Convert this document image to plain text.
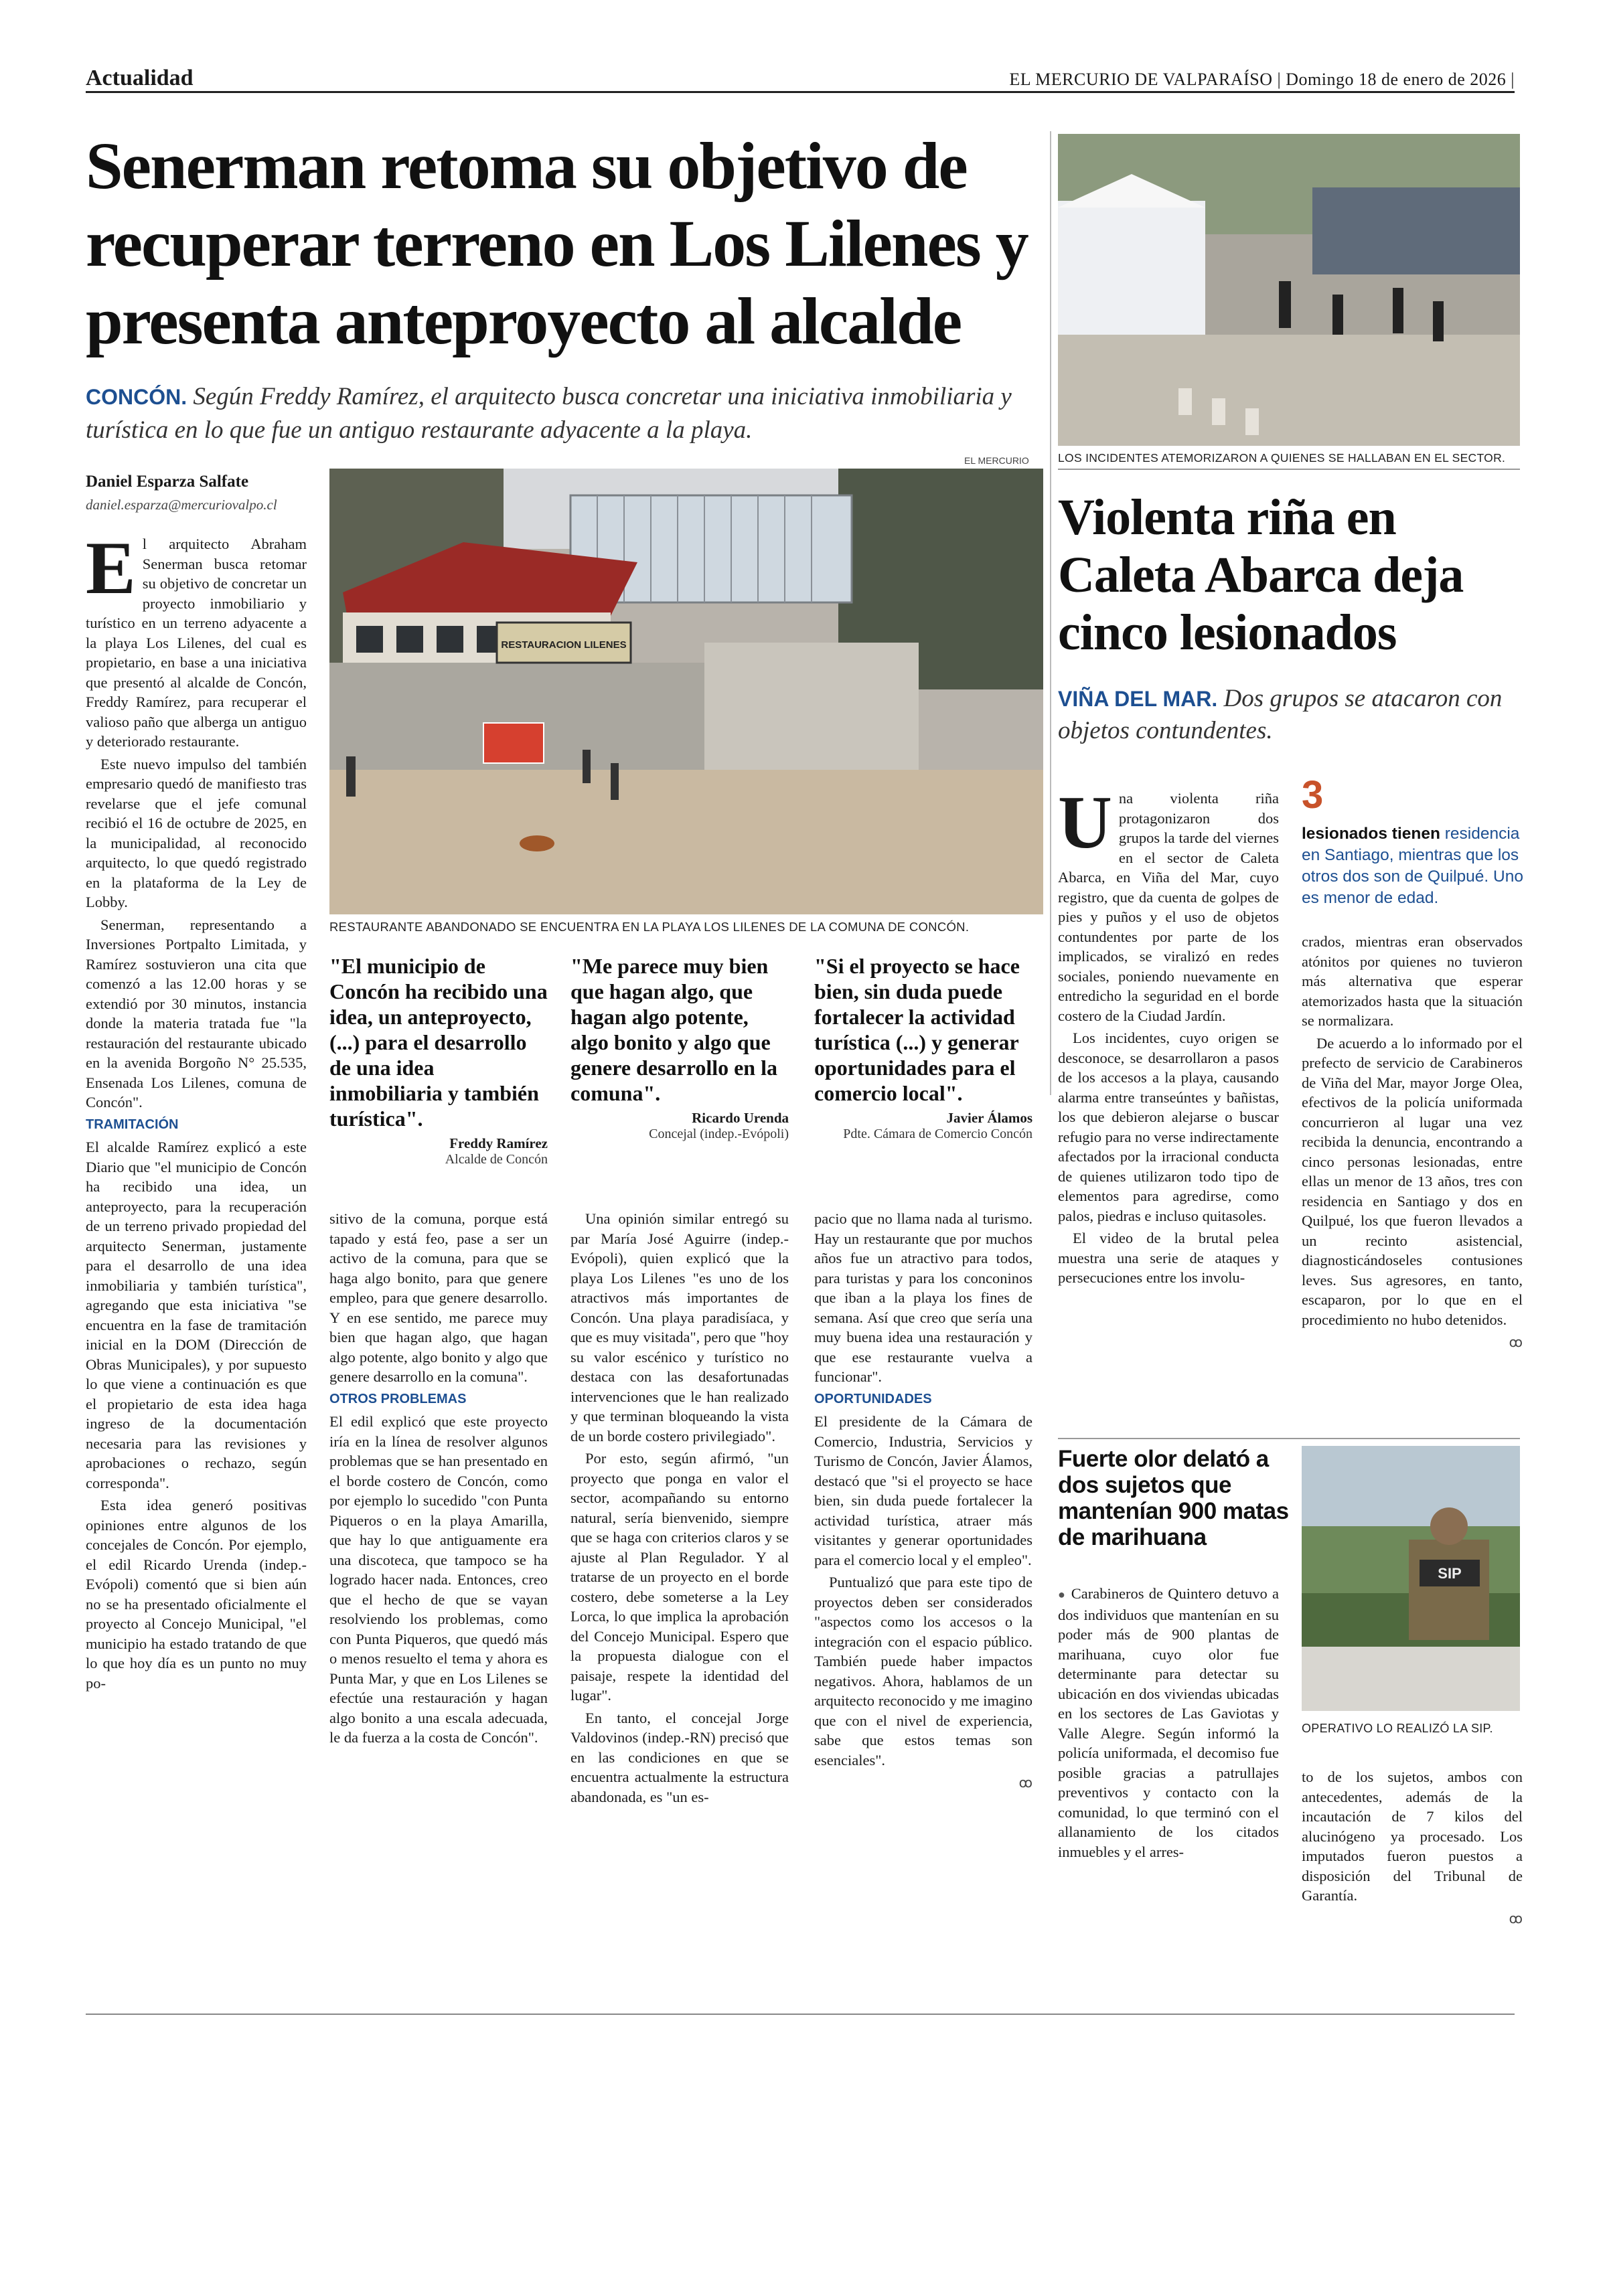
Actualidad	EL MERCURIO DE VALPARAÍSO | Domingo 18 de enero de 2026 |
Senerman retoma su objetivo de recuperar terreno en Los Lilenes y presenta anteproyecto al alcalde
CONCÓN. Según Freddy Ramírez, el arquitecto busca concretar una iniciativa inmobiliaria y turística en lo que fue un antiguo restaurante adyacente a la playa.
Daniel Esparza Salfate
daniel.esparza@mercuriovalpo.cl
EL MERCURIO
RESTAURACION LILENES
RESTAURANTE ABANDONADO SE ENCUENTRA EN LA PLAYA LOS LILENES DE LA COMUNA DE CONCÓN.

El arquitecto Abraham Senerman busca retomar su objetivo de concretar un proyecto inmobiliario y turístico en un terreno adyacente a la playa Los Lilenes, del cual es propietario, en base a una iniciativa que presentó al alcalde de Concón, Freddy Ramírez, para recuperar el valioso paño que alberga un antiguo y deteriorado restaurante.

Este nuevo impulso del también empresario quedó de manifiesto tras revelarse que el jefe comunal recibió el 16 de octubre de 2025, en la municipalidad, al reconocido arquitecto, lo que quedó registrado en la plataforma de la Ley de Lobby.

Senerman, representando a Inversiones Portpalto Limitada, y Ramírez sostuvieron una cita que comenzó a las 12.00 horas y se extendió por 30 minutos, instancia donde la materia tratada fue "la restauración del restaurante ubicado en la avenida Borgoño N° 25.535, Ensenada Los Lilenes, comuna de Concón".

TRAMITACIÓN

El alcalde Ramírez explicó a este Diario que "el municipio de Concón ha recibido una idea, un anteproyecto, para la recuperación de un terreno privado propiedad del arquitecto Senerman, justamente para el desarrollo de una idea inmobiliaria y también turística", agregando que esta iniciativa "se encuentra en la fase de tramitación inicial en la DOM (Dirección de Obras Municipales), y por supuesto lo que viene a continuación es que el propietario de esta idea haga ingreso de la documentación necesaria para las revisiones y aprobaciones o rechazo, según corresponda".

Esta idea generó positivas opiniones entre algunos de los concejales de Concón. Por ejemplo, el edil Ricardo Urenda (indep.-Evópoli) comentó que si bien aún no se ha presentado oficialmente el proyecto al Concejo Municipal, "el municipio ha estado tratando de que lo que hoy día es un punto no muy po-

"El municipio de Concón ha recibido una idea, un anteproyecto, (...) para el desarrollo de una idea inmobiliaria y también turística".
Freddy Ramírez
Alcalde de Concón
"Me parece muy bien que hagan algo, que hagan algo potente, algo bonito y algo que genere desarrollo en la comuna".
Ricardo Urenda
Concejal (indep.-Evópoli)
"Si el proyecto se hace bien, sin duda puede fortalecer la actividad turística (...) y generar oportunidades para el comercio local".
Javier Álamos
Pdte. Cámara de Comercio Concón

sitivo de la comuna, porque está tapado y está feo, pase a ser un activo de la comuna, para que se haga algo bonito, para que genere empleo, para que genere desarrollo. Y en ese sentido, me parece muy bien que hagan algo, que hagan algo potente, algo bonito y algo que genere desarrollo en la comuna".

OTROS PROBLEMAS

El edil explicó que este proyecto iría en la línea de resolver algunos problemas que se han presentado en el borde costero de Concón, como por ejemplo lo sucedido "con Punta Piqueros o en la playa Amarilla, que hay lo que antiguamente era una discoteca, que tampoco se ha logrado hacer nada. Entonces, creo que el hecho de que se vayan resolviendo los problemas, como con Punta Piqueros, que quedó más o menos resuelto el tema y ahora es Punta Mar, y que en Los Lilenes se efectúe una restauración y hagan algo bonito a una escala adecuada, le da fuerza a la costa de Concón".

Una opinión similar entregó su par María José Aguirre (indep.- Evópoli), quien explicó que la playa Los Lilenes "es uno de los atractivos más importantes de Concón. Una playa paradisíaca, y que es muy visitada", pero que "hoy su valor escénico y turístico no destaca con las desafortunadas intervenciones que le han realizado y que terminan bloqueando la vista de un borde costero privilegiado".

Por esto, según afirmó, "un proyecto que ponga en valor el sector, acompañando su entorno natural, sería bienvenido, siempre que se haga con criterios claros y se ajuste al Plan Regulador. Y al tratarse de un proyecto en el borde costero, debe someterse a la Ley Lorca, lo que implica la aprobación del Concejo Municipal. Espero que la propuesta dialogue con el paisaje, respete la identidad del lugar".

En tanto, el concejal Jorge Valdovinos (indep.-RN) precisó que en las condiciones en que se encuentra actualmente la estructura abandonada, es "un es-

pacio que no llama nada al turismo. Hay un restaurante que por muchos años fue un atractivo para todos, para turistas y para los conconinos que iban a la playa los fines de semana. Así que creo que sería una muy buena idea una restauración y que ese restaurante vuelva a funcionar".

OPORTUNIDADES

El presidente de la Cámara de Comercio, Industria, Servicios y Turismo de Concón, Javier Álamos, destacó que "si el proyecto se hace bien, sin duda puede fortalecer la actividad turística, atraer más visitantes y generar oportunidades para el comercio local y el empleo".

Puntualizó que para este tipo de proyectos deben ser considerados "aspectos como los accesos o la integración con el espacio público. También puede haber impactos negativos. Ahora, hablamos de un arquitecto reconocido y me imagino que con el nivel de experiencia, sabe que estos temas son esenciales".

ꝏ

LOS INCIDENTES ATEMORIZARON A QUIENES SE HALLABAN EN EL SECTOR.
Violenta riña en Caleta Abarca deja cinco lesionados
VIÑA DEL MAR. Dos grupos se atacaron con objetos contundentes.

Una violenta riña protagonizaron dos grupos la tarde del viernes en el sector de Caleta Abarca, en Viña del Mar, cuyo registro, que da cuenta de golpes de pies y puños y el uso de objetos contundentes por parte de los implicados, se viralizó en redes sociales, poniendo nuevamente en entredicho la seguridad en el borde costero de la Ciudad Jardín.

Los incidentes, cuyo origen se desconoce, se desarrollaron a pasos de los accesos a la playa, causando alarma entre transeúntes y bañistas, los que debieron alejarse o buscar refugio para no verse indirectamente afectados por la irracional conducta de quienes utilizaron todo tipo de elementos para agredirse, como palos, piedras e incluso quitasoles.

El video de la brutal pelea muestra una serie de ataques y persecuciones entre los involu-

3
lesionados tienen residencia en Santiago, mientras que los otros dos son de Quilpué. Uno es menor de edad.

crados, mientras eran observados atónitos por quienes no tuvieron más alternativa que esperar atemorizados hasta que la situación se normalizara.

De acuerdo a lo informado por el prefecto de servicio de Carabineros de Viña del Mar, mayor Jorge Olea, efectivos de la policía uniformada concurrieron al lugar una vez recibida la denuncia, encontrando a cinco personas lesionadas, entre ellas un menor de 13 años, tres con residencia en Santiago y dos en Quilpué, los que fueron llevados a un recinto asistencial, diagnosticándoseles contusiones leves. Sus agresores, en tanto, escaparon, por lo que en el procedimiento no hubo detenidos.

ꝏ

Fuerte olor delató a dos sujetos que mantenían 900 matas de marihuana

● Carabineros de Quintero detuvo a dos individuos que mantenían en su poder más de 900 plantas de marihuana, cuyo olor fue determinante para detectar su ubicación en dos viviendas ubicadas en los sectores de Las Gaviotas y Valle Alegre. Según informó la policía uniformada, el decomiso fue posible gracias a patrullajes preventivos y contacto con la comunidad, lo que terminó con el allanamiento de los citados inmuebles y el arres-

SIP
OPERATIVO LO REALIZÓ LA SIP.

to de los sujetos, ambos con antecedentes, además de la incautación de 7 kilos del alucinógeno ya procesado. Los imputados fueron puestos a disposición del Tribunal de Garantía.

ꝏ
